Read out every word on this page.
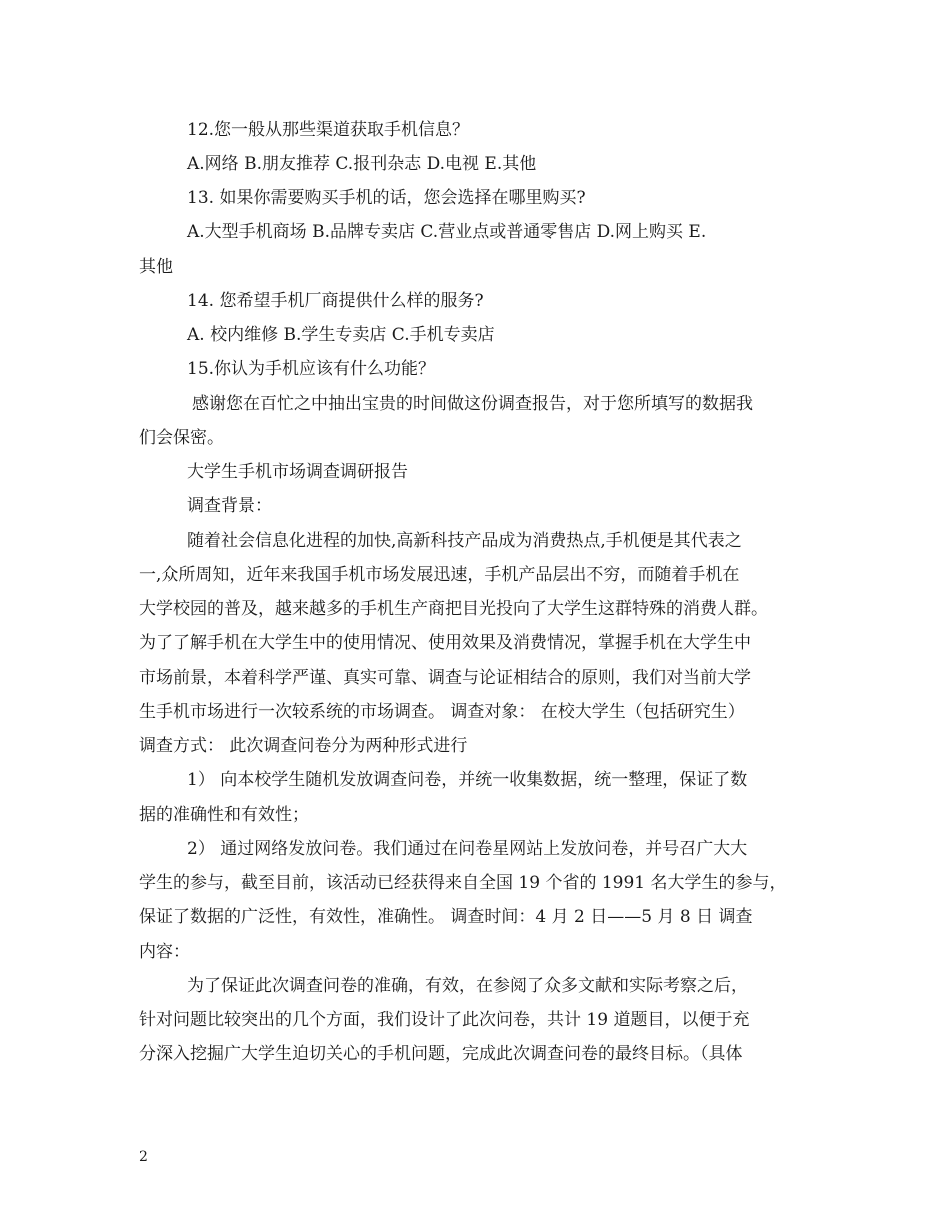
12.您一般从那些渠道获取手机信息？
A.网络 B.朋友推荐 C.报刊杂志 D.电视 E.其他
13. 如果你需要购买手机的话，您会选择在哪里购买?
A.大型手机商场 B.品牌专卖店 C.营业点或普通零售店 D.网上购买 E.
其他
14. 您希望手机厂商提供什么样的服务?
A. 校内维修 B.学生专卖店 C.手机专卖店
15.你认为手机应该有什么功能？
感谢您在百忙之中抽出宝贵的时间做这份调查报告，对于您所填写的数据我
们会保密。
大学生手机市场调查调研报告
调查背景：
随着社会信息化进程的加快,高新科技产品成为消费热点,手机便是其代表之
一,众所周知，近年来我国手机市场发展迅速，手机产品层出不穷，而随着手机在
大学校园的普及，越来越多的手机生产商把目光投向了大学生这群特殊的消费人群。
为了了解手机在大学生中的使用情况、使用效果及消费情况，掌握手机在大学生中
市场前景，本着科学严谨、真实可靠、调查与论证相结合的原则，我们对当前大学
生手机市场进行一次较系统的市场调查。 调查对象： 在校大学生（包括研究生）
调查方式： 此次调查问卷分为两种形式进行
1） 向本校学生随机发放调查问卷，并统一收集数据，统一整理，保证了数
据的准确性和有效性；
2） 通过网络发放问卷。我们通过在问卷星网站上发放问卷，并号召广大大
学生的参与，截至目前，该活动已经获得来自全国 19 个省的 1991 名大学生的参与，
保证了数据的广泛性，有效性，准确性。 调查时间：4 月 2 日——5 月 8 日 调查
内容：
为了保证此次调查问卷的准确，有效，在参阅了众多文献和实际考察之后，
针对问题比较突出的几个方面，我们设计了此次问卷，共计 19 道题目，以便于充
分深入挖掘广大学生迫切关心的手机问题，完成此次调查问卷的最终目标。（具体
2
